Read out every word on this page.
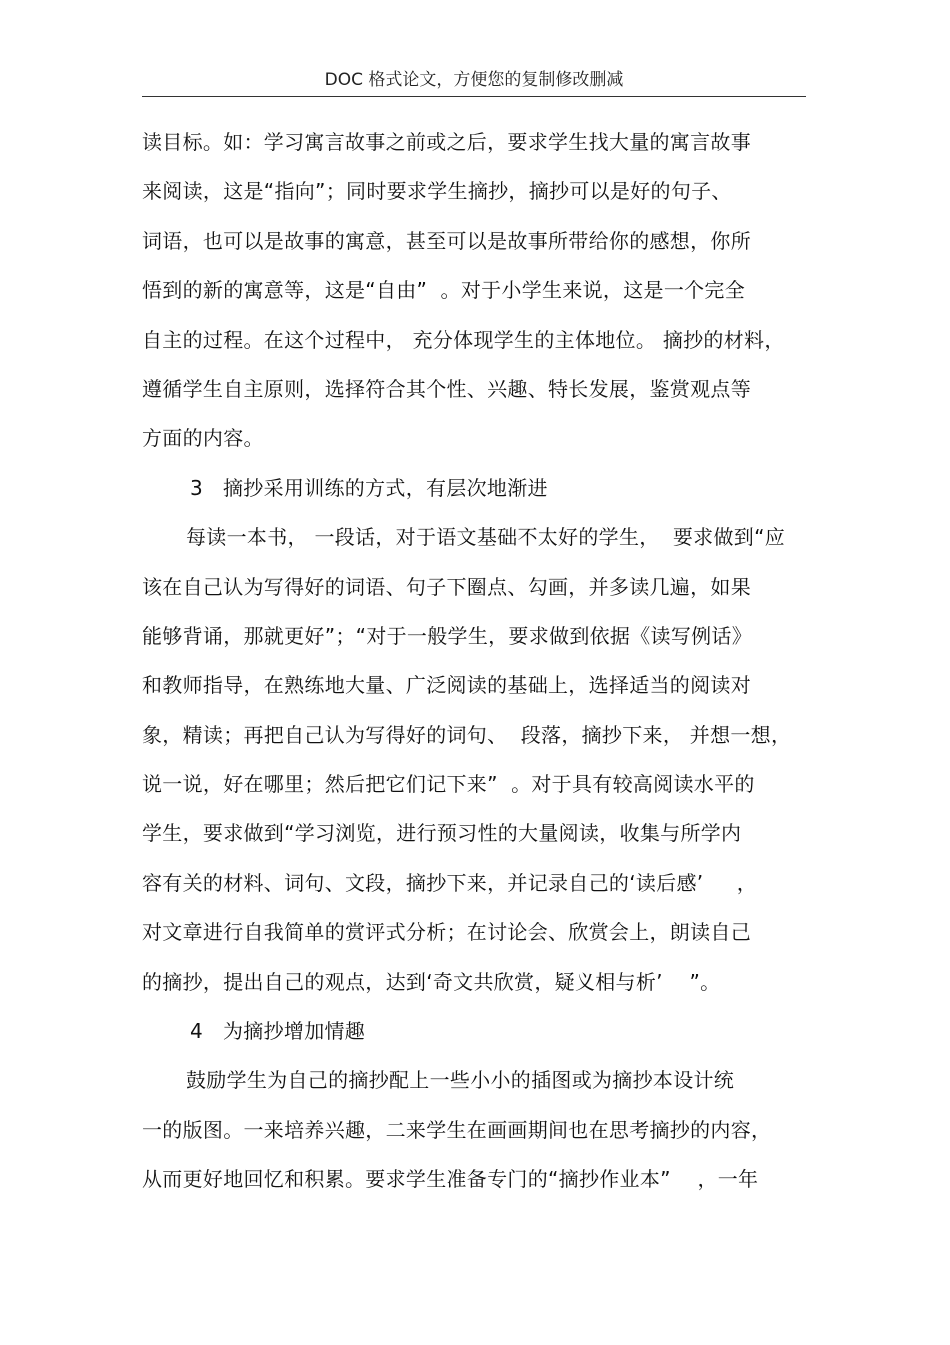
DOC 格式论文，方便您的复制修改删减
读目标。如：学习寓言故事之前或之后，要求学生找大量的寓言故事
来阅读，这是“指向”；同时要求学生摘抄，摘抄可以是好的句子、
词语，也可以是故事的寓意，甚至可以是故事所带给你的感想，你所
悟到的新的寓意等，这是“自由”  。对于小学生来说，这是一个完全
自主的过程。在这个过程中， 充分体现学生的主体地位。 摘抄的材料，
遵循学生自主原则，选择符合其个性、兴趣、特长发展，鉴赏观点等
方面的内容。
3   摘抄采用训练的方式，有层次地渐进
每读一本书， 一段话，对于语文基础不太好的学生，  要求做到“应
该在自己认为写得好的词语、句子下圈点、勾画，并多读几遍，如果
能够背诵，那就更好”；“对于一般学生，要求做到依据《读写例话》
和教师指导，在熟练地大量、广泛阅读的基础上，选择适当的阅读对
象，精读；再把自己认为写得好的词句、  段落，摘抄下来， 并想一想，
说一说，好在哪里；然后把它们记下来”  。对于具有较高阅读水平的
学生，要求做到“学习浏览，进行预习性的大量阅读，收集与所学内
容有关的材料、词句、文段，摘抄下来，并记录自己的‘读后感’     ，
对文章进行自我简单的赏评式分析；在讨论会、欣赏会上，朗读自己
的摘抄，提出自己的观点，达到‘奇文共欣赏，疑义相与析’    ”。
4   为摘抄增加情趣
鼓励学生为自己的摘抄配上一些小小的插图或为摘抄本设计统
一的版图。一来培养兴趣，二来学生在画画期间也在思考摘抄的内容，
从而更好地回忆和积累。要求学生准备专门的“摘抄作业本”    ，一年
